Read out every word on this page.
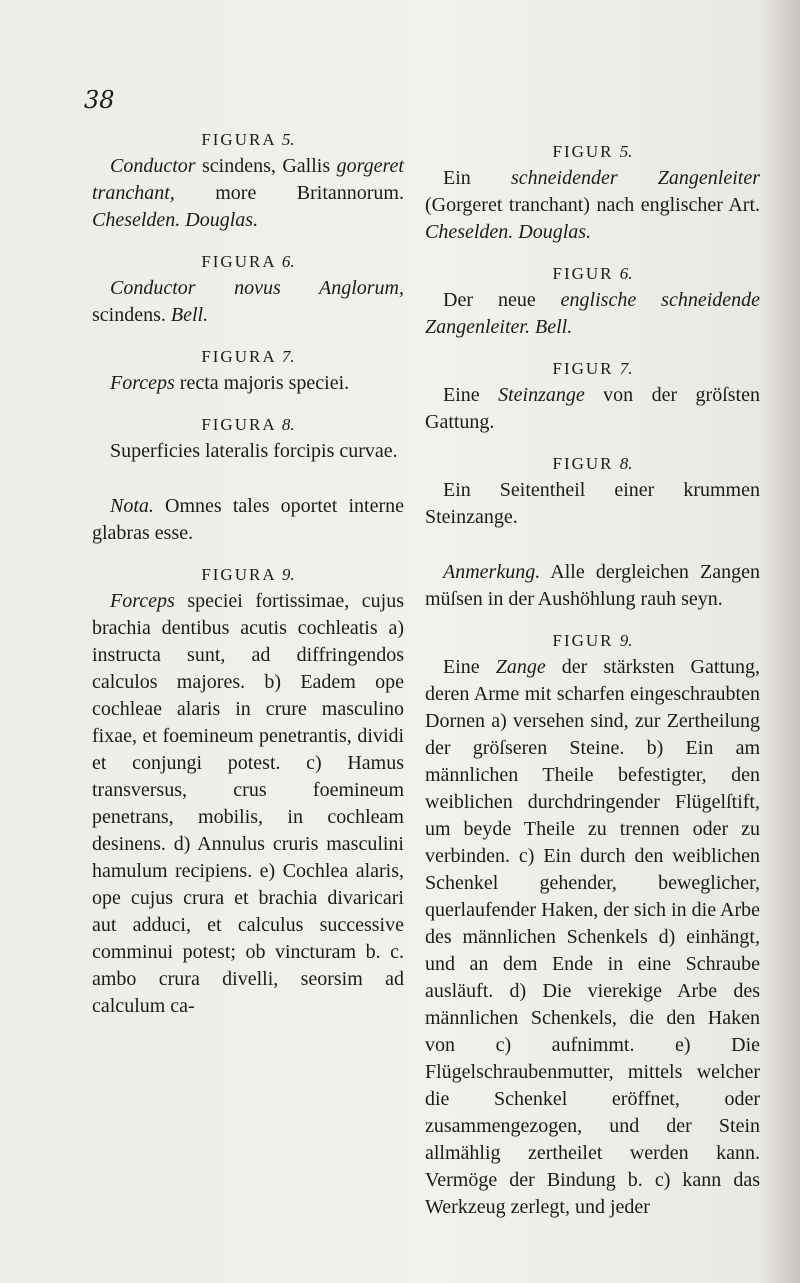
38

FIGURA 5.

Conductor scindens, Gallis gorgeret tranchant, more Britannorum. Cheselden. Douglas.

FIGURA 6.

Conductor novus Anglorum, scindens. Bell.

FIGURA 7.

Forceps recta majoris speciei.

FIGURA 8.

Superficies lateralis forcipis curvae.

Nota. Omnes tales oportet interne glabras esse.

FIGURA 9.

Forceps speciei fortissimae, cujus brachia dentibus acutis cochleatis a) instructa sunt, ad diffringendos calculos majores. b) Eadem ope cochleae alaris in crure masculino fixae, et foemineum penetrantis, dividi et conjungi potest. c) Hamus transversus, crus foemineum penetrans, mobilis, in cochleam desinens. d) Annulus cruris masculini hamulum recipiens. e) Cochlea alaris, ope cujus crura et brachia divaricari aut adduci, et calculus successive comminui potest; ob vincturam b. c. ambo crura divelli, seorsim ad calculum ca-

FIGUR 5.

Ein schneidender Zangenleiter (Gorgeret tranchant) nach englischer Art. Cheselden. Douglas.

FIGUR 6.

Der neue englische schneidende Zangenleiter. Bell.

FIGUR 7.

Eine Steinzange von der gröſsten Gattung.

FIGUR 8.

Ein Seitentheil einer krummen Steinzange.

Anmerkung. Alle dergleichen Zangen müſsen in der Aushöhlung rauh seyn.

FIGUR 9.

Eine Zange der stärksten Gattung, deren Arme mit scharfen eingeschraubten Dornen a) versehen sind, zur Zertheilung der gröſseren Steine. b) Ein am männlichen Theile befestigter, den weiblichen durchdringender Flügelſtift, um beyde Theile zu trennen oder zu verbinden. c) Ein durch den weiblichen Schenkel gehender, beweglicher, querlaufender Haken, der sich in die Arbe des männlichen Schenkels d) einhängt, und an dem Ende in eine Schraube ausläuft. d) Die vierekige Arbe des männlichen Schenkels, die den Haken von c) aufnimmt. e) Die Flügelschraubenmutter, mittels welcher die Schenkel eröffnet, oder zusammengezogen, und der Stein allmählig zertheilet werden kann. Vermöge der Bindung b. c) kann das Werkzeug zerlegt, und jeder
